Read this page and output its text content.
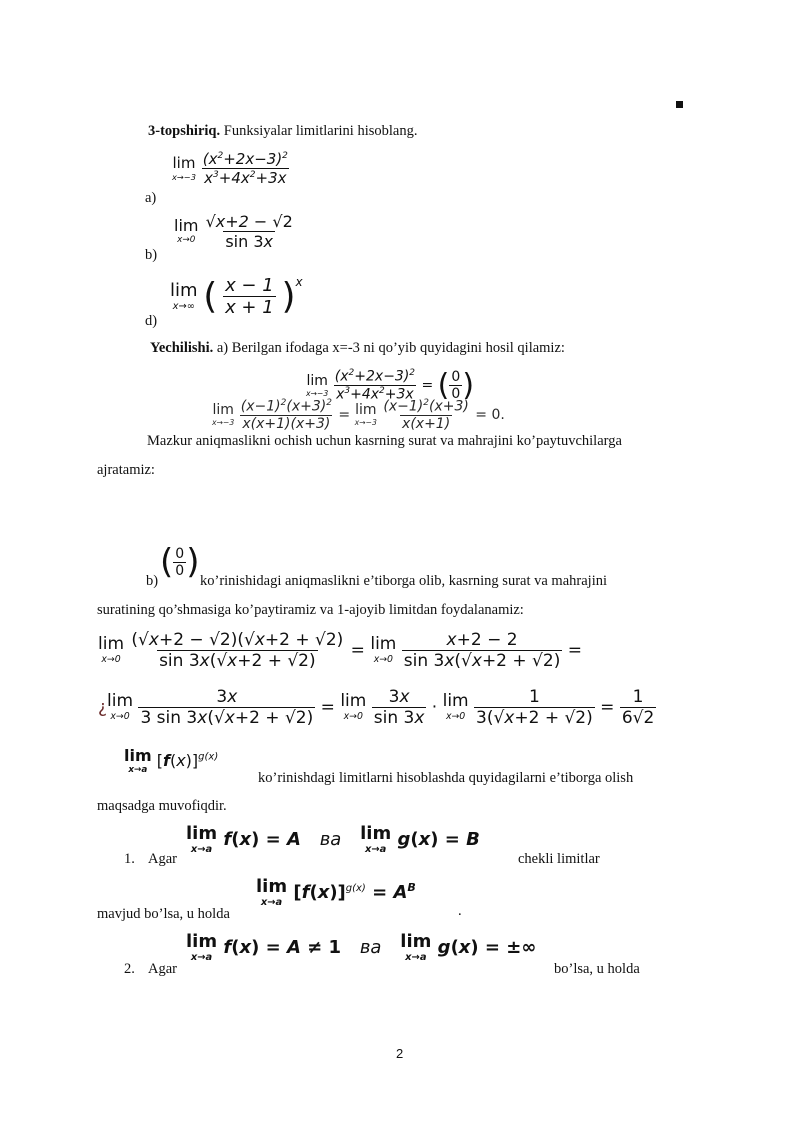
3-topshiriq. Funksiyalar limitlarini hisoblang.
lim
x→−3
$\frac{(x^2+2x-3)^2}{x^3+4x^2+3x}$
a)
lim
x→0
$\frac{√x+2 - √2}{\sin 3x}$
b)
lim
x→∞ ( $\frac{x - 1}{x + 1} )^x$
d)
Yechilishi. a) Berilgan ifodaga x=-3 ni qo’yib quyidagini hosil qilamiz:
lim
x→−3
$\frac{(x^2+2x-3)^2}{x^3+4x^2+3x}$ = ( $\frac{0}{0}$ )
lim
x→−3
$\frac{(x-1)^2(x+3)^2}{x(x+1)(x+3)} = \lim$
x→−3
$\frac{(x-1)^2(x+3)}{x(x+1)} = 0$.
Mazkur aniqmaslikni ochish uchun kasrning surat va mahrajini ko’paytuvchilarga
ajratamiz:
( $\frac{0}{0}$ )
b)	ko’rinishidagi aniqmaslikni e’tiborga olib, kasrning surat va mahrajini
suratining qo’shmasiga ko’paytiramiz va 1-ajoyib limitdan foydalanamiz:
lim
x→0
$\frac{(√x+2 - √2)(√x+2 + √2)}{\sin 3x(√x+2 + √2)} = \lim$
x→0
$\frac{x+2 - 2}{\sin 3x(√x+2 + √2)}$ =
¿ lim
x→0
$\frac{3x}{3 \sin 3x(√x+2 + √2)} = \lim$
x→0
$\frac{3x}{\sin 3x} \cdot \lim$
x→0
$\frac{1}{3(√x+2 + √2)} = \frac{1}{6√2}$
lim
x→a
$[f(x)]^{g(x)}$
ko’rinishdagi limitlarni hisoblashda quyidagilarni e’tiborga olish
maqsadga muvofiqdir.
lim
x→a f(x) = A ва lim
x→a g(x) = B
1. Agar	chekli limitlar
lim
x→a $[f(x)]^{g(x)} = A^B$
mavjud bo’lsa, u holda	.
lim
x→a f(x) = A ≠ 1   ва lim
x→a g(x) = ±∞
2. Agar	bo’lsa, u holda
2
